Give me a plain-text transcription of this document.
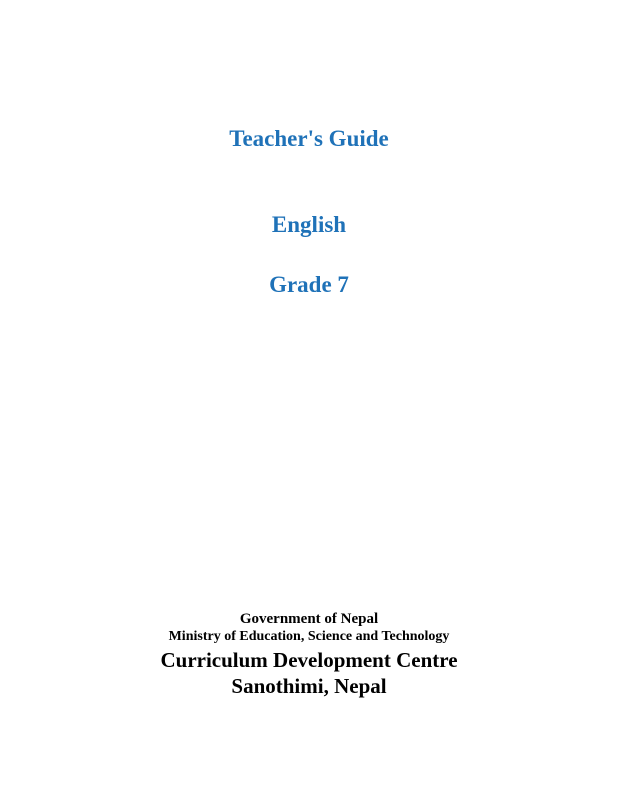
Teacher's Guide
English
Grade 7
Government of Nepal
Ministry of Education, Science and Technology
Curriculum Development Centre
Sanothimi, Nepal
